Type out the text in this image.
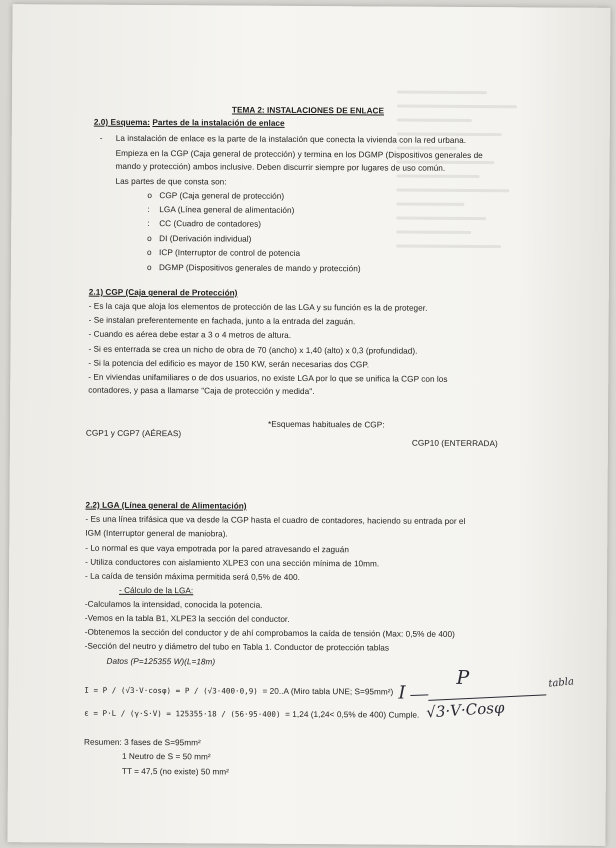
TEMA 2: INSTALACIONES DE ENLACE
2.0) Esquema: Partes de la instalación de enlace
- La instalación de enlace es la parte de la instalación que conecta la vivienda con la red urbana.
Empieza en la CGP (Caja general de protección) y termina en los DGMP (Dispositivos generales de
mando y protección) ambos inclusive. Deben discurrir siempre por lugares de uso común.
Las partes de que consta son:
o CGP (Caja general de protección)
: LGA (Línea general de alimentación)
: CC (Cuadro de contadores)
o DI (Derivación individual)
o ICP (Interruptor de control de potencia
o DGMP (Dispositivos generales de mando y protección)
2.1) CGP (Caja general de Protección)
- Es la caja que aloja los elementos de protección de las LGA y su función es la de proteger.
- Se instalan preferentemente en fachada, junto a la entrada del zaguán.
- Cuando es aérea debe estar a 3 o 4 metros de altura.
- Si es enterrada se crea un nicho de obra de 70 (ancho) x 1,40 (alto) x 0,3 (profundidad).
- Si la potencia del edificio es mayor de 150 KW, serán necesarias dos CGP.
- En viviendas unifamiliares o de dos usuarios, no existe LGA por lo que se unifica la CGP con los
contadores, y pasa a llamarse "Caja de protección y medida".
*Esquemas habituales de CGP:
CGP1 y CGP7 (AÉREAS)
CGP10 (ENTERRADA)
2.2) LGA (Línea general de Alimentación)
- Es una línea trifásica que va desde la CGP hasta el cuadro de contadores, haciendo su entrada por el
IGM (Interruptor general de maniobra).
- Lo normal es que vaya empotrada por la pared atravesando el zaguán
- Utiliza conductores con aislamiento XLPE3 con una sección mínima de 10mm.
- La caída de tensión máxima permitida será 0,5% de 400.
- Cálculo de la LGA:
-Calculamos la intensidad, conocida la potencia.
-Vemos en la tabla B1, XLPE3 la sección del conductor.
-Obtenemos la sección del conductor y de ahí comprobamos la caída de tensión (Max: 0,5% de 400)
-Sección del neutro y diámetro del tubo en Tabla 1. Conductor de protección tablas
Datos (P=125355 W)(L=18m)
I = P / (√3·V·cosφ) = P / (√3·400·0,9) = 20..A (Miro tabla UNE; S=95mm²)
ε = P·L / (γ·S·V) = 125355·18 / (56·95·400) = 1,24 (1,24< 0,5% de 400) Cumple.
Resumen: 3 fases de S=95mm²
1 Neutro de S = 50 mm²
TT = 47,5 (no existe) 50 mm²
I
P
√3·V·Cosφ
tabla
